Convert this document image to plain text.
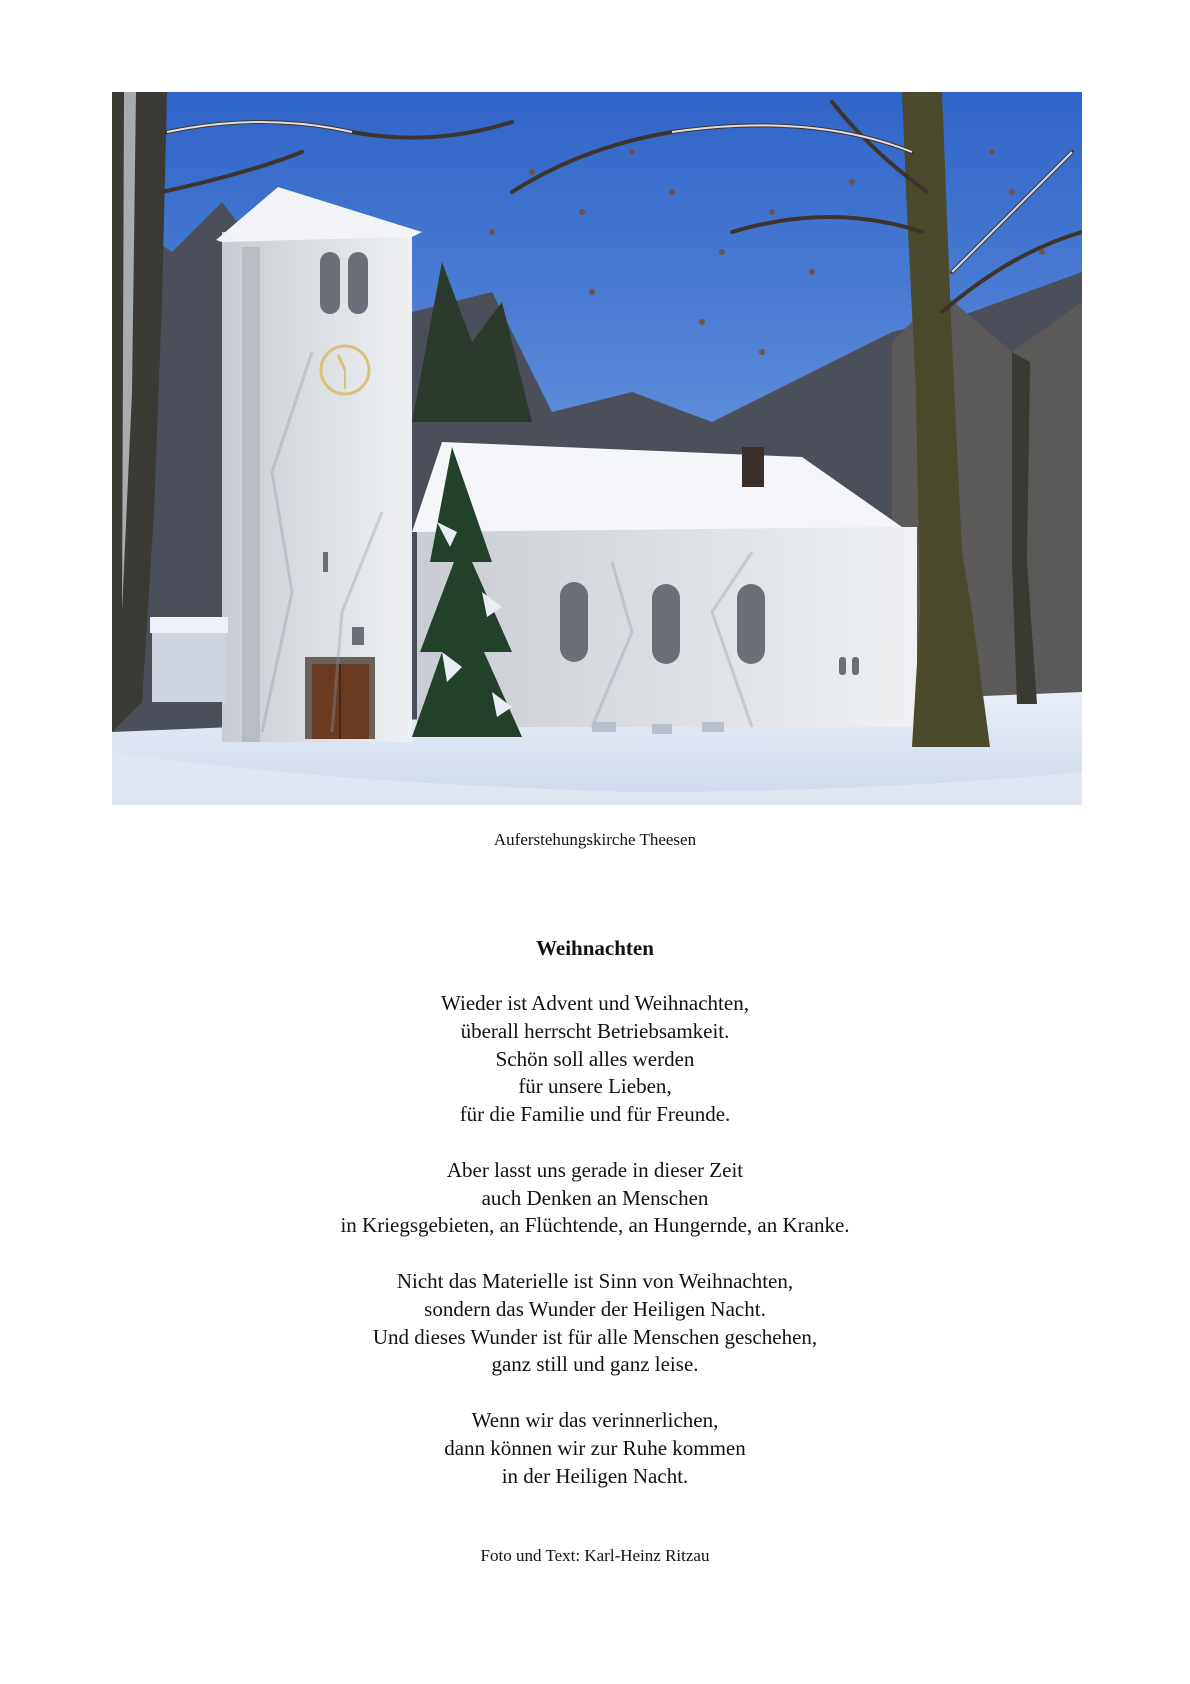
Auferstehungskirche Theesen
Weihnachten
Wieder ist Advent und Weihnachten,
überall herrscht Betriebsamkeit.
Schön soll alles werden
für unsere Lieben,
für die Familie und für Freunde.
Aber lasst uns gerade in dieser Zeit
auch Denken an Menschen
in Kriegsgebieten, an Flüchtende, an Hungernde, an Kranke.
Nicht das Materielle ist Sinn von Weihnachten,
sondern das Wunder der Heiligen Nacht.
Und dieses Wunder ist für alle Menschen geschehen,
ganz still und ganz leise.
Wenn wir das verinnerlichen,
dann können wir zur Ruhe kommen
in der Heiligen Nacht.
Foto und Text: Karl-Heinz Ritzau
